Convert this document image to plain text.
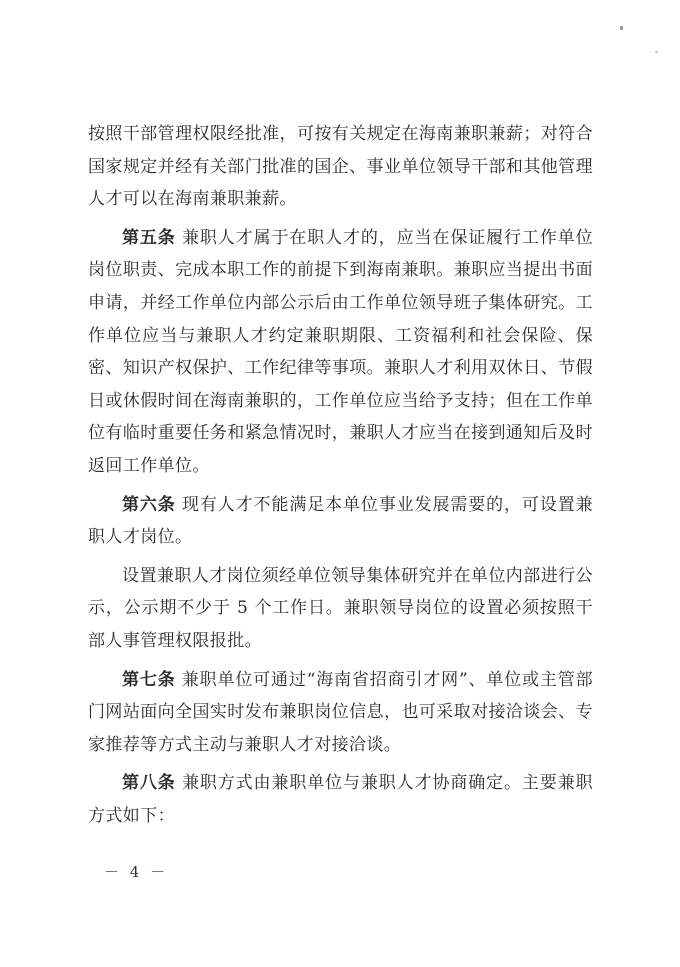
按照干部管理权限经批准，可按有关规定在海南兼职兼薪；对符合国家规定并经有关部门批准的国企、事业单位领导干部和其他管理人才可以在海南兼职兼薪。

第五条 兼职人才属于在职人才的，应当在保证履行工作单位岗位职责、完成本职工作的前提下到海南兼职。兼职应当提出书面申请，并经工作单位内部公示后由工作单位领导班子集体研究。工作单位应当与兼职人才约定兼职期限、工资福利和社会保险、保密、知识产权保护、工作纪律等事项。兼职人才利用双休日、节假日或休假时间在海南兼职的，工作单位应当给予支持；但在工作单位有临时重要任务和紧急情况时，兼职人才应当在接到通知后及时返回工作单位。

第六条 现有人才不能满足本单位事业发展需要的，可设置兼职人才岗位。

设置兼职人才岗位须经单位领导集体研究并在单位内部进行公示，公示期不少于 5 个工作日。兼职领导岗位的设置必须按照干部人事管理权限报批。

第七条 兼职单位可通过“海南省招商引才网”、单位或主管部门网站面向全国实时发布兼职岗位信息，也可采取对接洽谈会、专家推荐等方式主动与兼职人才对接洽谈。

第八条 兼职方式由兼职单位与兼职人才协商确定。主要兼职方式如下：

－ 4 －
